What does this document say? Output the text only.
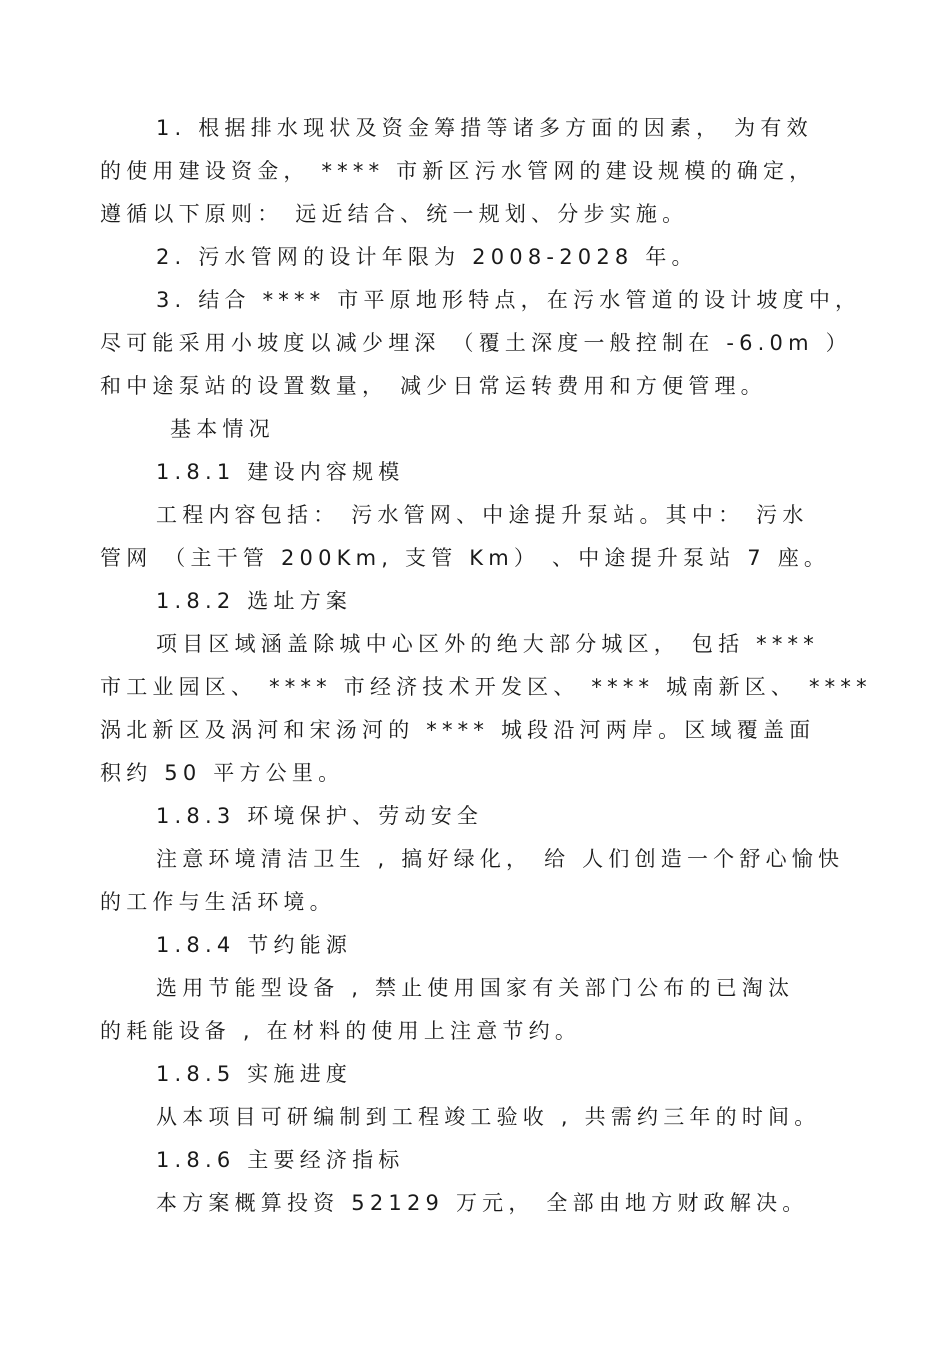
1. 根据排水现状及资金筹措等诸多方面的因素， 为有效
的使用建设资金， **** 市新区污水管网的建设规模的确定，
遵循以下原则： 远近结合、统一规划、分步实施。
2. 污水管网的设计年限为 2008-2028 年。
3. 结合 **** 市平原地形特点，在污水管道的设计坡度中，
尽可能采用小坡度以减少埋深 （覆土深度一般控制在 -6.0m ）
和中途泵站的设置数量， 减少日常运转费用和方便管理。
基本情况
1.8.1 建设内容规模
工程内容包括： 污水管网、中途提升泵站。其中： 污水
管网 （主干管 200Km, 支管 Km） 、中途提升泵站 7 座。
1.8.2 选址方案
项目区域涵盖除城中心区外的绝大部分城区， 包括 ****
市工业园区、 **** 市经济技术开发区、 **** 城南新区、 ****
涡北新区及涡河和宋汤河的 **** 城段沿河两岸。区域覆盖面
积约 50 平方公里。
1.8.3 环境保护、劳动安全
注意环境清洁卫生 , 搞好绿化， 给 人们创造一个舒心愉快
的工作与生活环境。
1.8.4 节约能源
选用节能型设备 , 禁止使用国家有关部门公布的已淘汰
的耗能设备 , 在材料的使用上注意节约。
1.8.5 实施进度
从本项目可研编制到工程竣工验收 , 共需约三年的时间。
1.8.6 主要经济指标
本方案概算投资 52129 万元， 全部由地方财政解决。
